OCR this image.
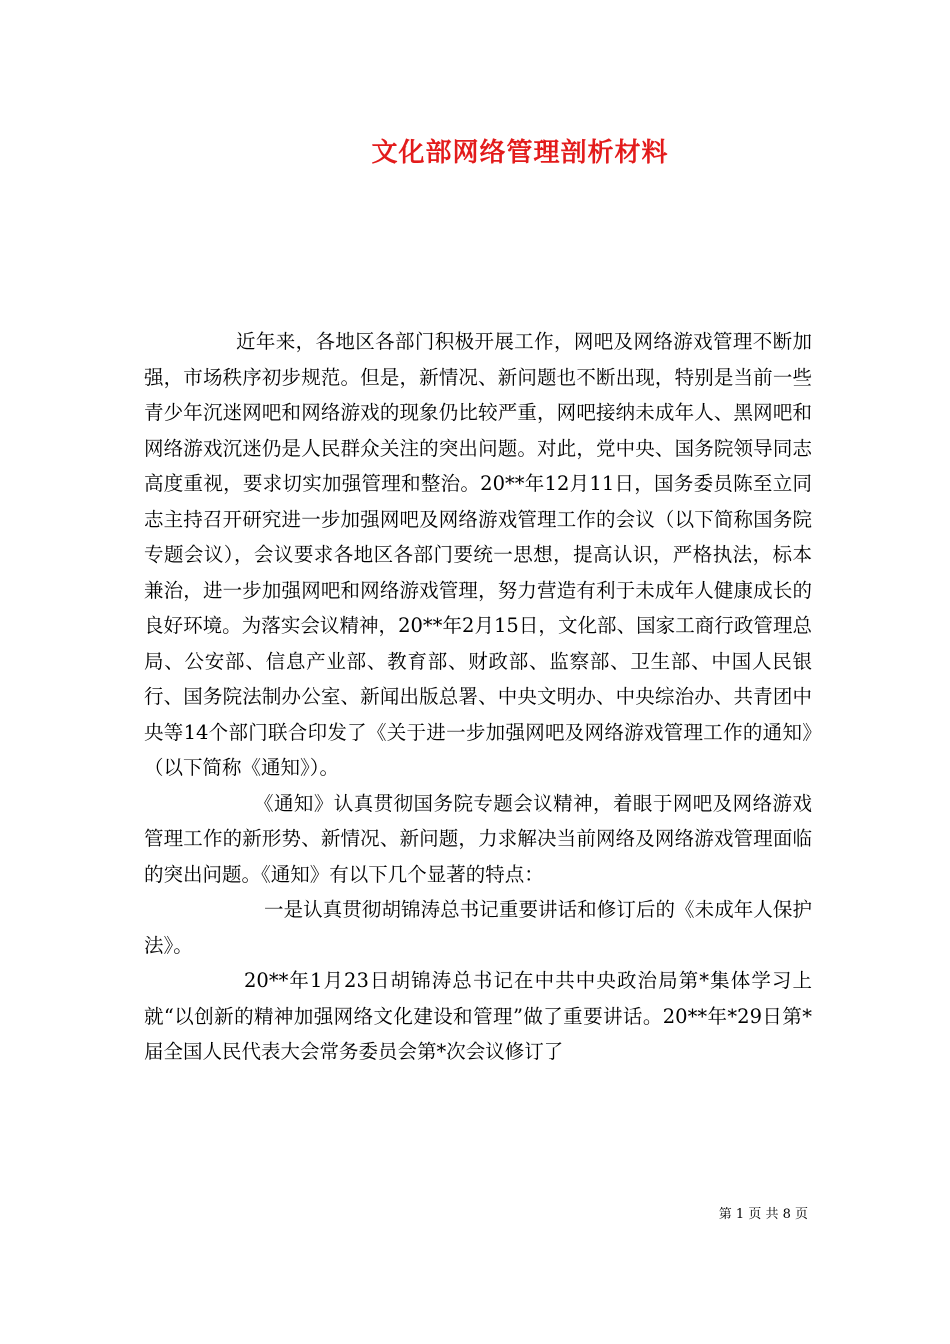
文化部网络管理剖析材料

近年来，各地区各部门积极开展工作，网吧及网络游戏管理不断加强，市场秩序初步规范。但是，新情况、新问题也不断出现，特别是当前一些青少年沉迷网吧和网络游戏的现象仍比较严重，网吧接纳未成年人、黑网吧和网络游戏沉迷仍是人民群众关注的突出问题。对此，党中央、国务院领导同志高度重视，要求切实加强管理和整治。20**年12月11日，国务委员陈至立同志主持召开研究进一步加强网吧及网络游戏管理工作的会议（以下简称国务院专题会议），会议要求各地区各部门要统一思想，提高认识，严格执法，标本兼治，进一步加强网吧和网络游戏管理，努力营造有利于未成年人健康成长的良好环境。为落实会议精神，20**年2月15日，文化部、国家工商行政管理总局、公安部、信息产业部、教育部、财政部、监察部、卫生部、中国人民银行、国务院法制办公室、新闻出版总署、中央文明办、中央综治办、共青团中央等14个部门联合印发了《关于进一步加强网吧及网络游戏管理工作的通知》（以下简称《通知》）。

《通知》认真贯彻国务院专题会议精神，着眼于网吧及网络游戏管理工作的新形势、新情况、新问题，力求解决当前网络及网络游戏管理面临的突出问题。《通知》有以下几个显著的特点：

一是认真贯彻胡锦涛总书记重要讲话和修订后的《未成年人保护法》。

20**年1月23日胡锦涛总书记在中共中央政治局第*集体学习上就“以创新的精神加强网络文化建设和管理”做了重要讲话。20**年*29日第*届全国人民代表大会常务委员会第*次会议修订了

第 1 页 共 8 页
